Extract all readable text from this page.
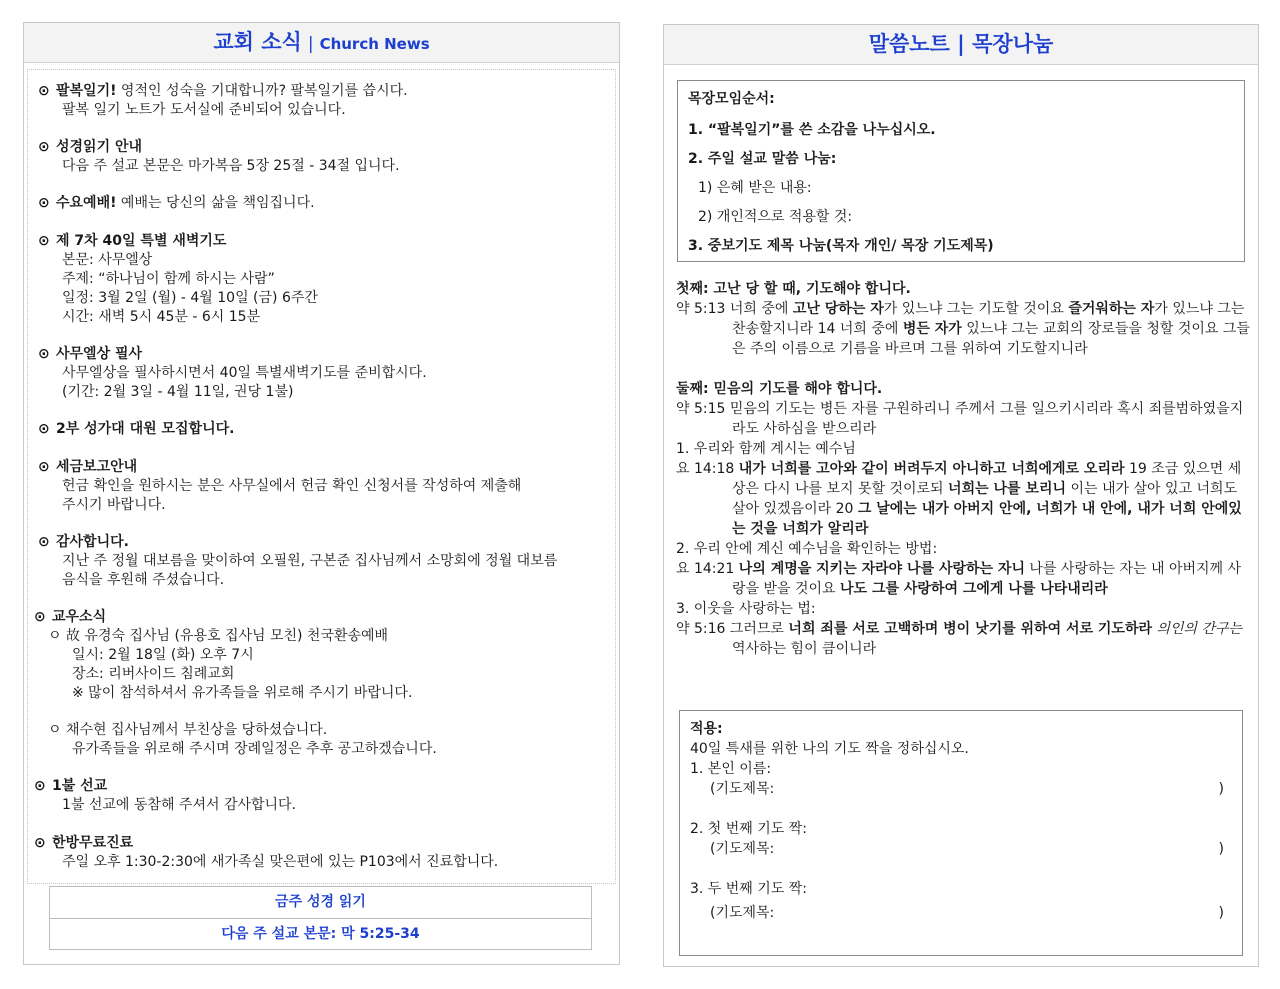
교회 소식 | Church News
⊙ 팔복일기! 영적인 성숙을 기대합니까? 팔복일기를 씁시다.
팔복 일기 노트가 도서실에 준비되어 있습니다.
⊙ 성경읽기 안내
다음 주 설교 본문은 마가복음 5장 25절 - 34절 입니다.
⊙ 수요예배! 예배는 당신의 삶을 책임집니다.
⊙ 제 7차 40일 특별 새벽기도
본문: 사무엘상
주제: “하나님이 함께 하시는 사람”
일정: 3월 2일 (월) - 4월 10일 (금) 6주간
시간: 새벽 5시 45분 - 6시 15분
⊙ 사무엘상 필사
사무엘상을 필사하시면서 40일 특별새벽기도를 준비합시다.
(기간: 2월 3일 - 4월 11일, 권당 1불)
⊙ 2부 성가대 대원 모집합니다.
⊙ 세금보고안내
헌금 확인을 원하시는 분은 사무실에서 헌금 확인 신청서를 작성하여 제출해
주시기 바랍니다.
⊙ 감사합니다.
지난 주 정월 대보름을 맞이하여 오필원, 구본준 집사님께서 소망회에 정월 대보름
음식을 후원해 주셨습니다.
⊙ 교우소식
ㅇ 故 유경숙 집사님 (유용호 집사님 모친) 천국환송예배
일시: 2월 18일 (화) 오후 7시
장소: 리버사이드 침례교회
※ 많이 참석하셔서 유가족들을 위로해 주시기 바랍니다.
ㅇ 채수현 집사님께서 부친상을 당하셨습니다.
유가족들을 위로해 주시며 장례일정은 추후 공고하겠습니다.
⊙ 1불 선교
1불 선교에 동참해 주셔서 감사합니다.
⊙ 한방무료진료
주일 오후 1:30-2:30에 새가족실 맞은편에 있는 P103에서 진료합니다.
금주 성경 읽기
다음 주 설교 본문: 막 5:25-34
말씀노트 | 목장나눔
목장모임순서:
1. “팔복일기”를 쓴 소감을 나누십시오.
2. 주일 설교 말씀 나눔:
1) 은혜 받은 내용:
2) 개인적으로 적용할 것:
3. 중보기도 제목 나눔(목자 개인/ 목장 기도제목)
첫째: 고난 당 할 때, 기도해야 합니다.
약 5:13 너희 중에 고난 당하는 자가 있느냐 그는 기도할 것이요 즐거워하는 자가 있느냐 그는 찬송할지니라 14 너희 중에 병든 자가 있느냐 그는 교회의 장로들을 청할 것이요 그들은 주의 이름으로 기름을 바르며 그를 위하여 기도할지니라
둘째: 믿음의 기도를 해야 합니다.
약 5:15 믿음의 기도는 병든 자를 구원하리니 주께서 그를 일으키시리라 혹시 죄를범하였을지라도 사하심을 받으리라
1. 우리와 함께 계시는 예수님
요 14:18 내가 너희를 고아와 같이 버려두지 아니하고 너희에게로 오리라 19 조금 있으면 세상은 다시 나를 보지 못할 것이로되 너희는 나를 보리니 이는 내가 살아 있고 너희도 살아 있겠음이라 20 그 날에는 내가 아버지 안에, 너희가 내 안에, 내가 너희 안에있는 것을 너희가 알리라
2. 우리 안에 계신 예수님을 확인하는 방법:
요 14:21 나의 계명을 지키는 자라야 나를 사랑하는 자니 나를 사랑하는 자는 내 아버지께 사랑을 받을 것이요 나도 그를 사랑하여 그에게 나를 나타내리라
3. 이웃을 사랑하는 법:
약 5:16 그러므로 너희 죄를 서로 고백하며 병이 낫기를 위하여 서로 기도하라 의인의 간구는 역사하는 힘이 큼이니라
적용:
40일 특새를 위한 나의 기도 짝을 정하십시오.
1. 본인 이름:
(기도제목:	)
2. 첫 번째 기도 짝:
(기도제목:	)
3. 두 번째 기도 짝:
(기도제목:	)
